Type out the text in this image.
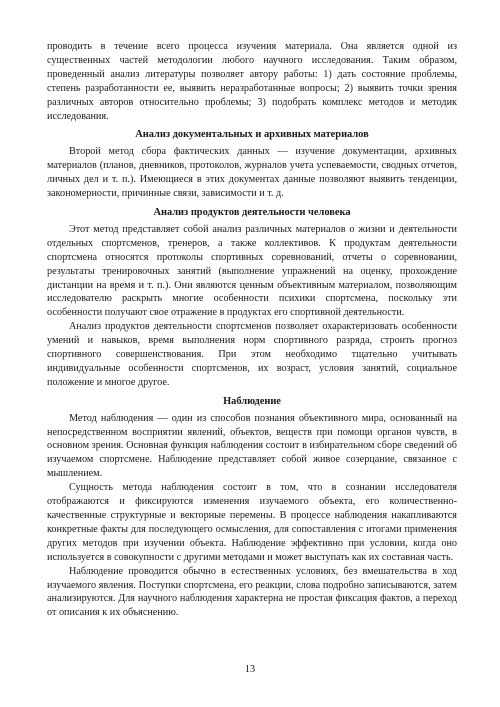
проводить в течение всего процесса изучения материала. Она является одной из существенных частей методологии любого научного исследования. Таким образом, проведенный анализ литературы позволяет автору работы: 1) дать состояние проблемы, степень разработанности ее, выявить неразработанные вопросы; 2) выявить точки зрения различных авторов относительно проблемы; 3) подобрать комплекс методов и методик исследования.

Анализ документальных и архивных материалов

Второй метод сбора фактических данных — изучение документации, архивных материалов (планов, дневников, протоколов, журналов учета успеваемости, сводных отчетов, личных дел и т. п.). Имеющиеся в этих документах данные позволяют выявить тенденции, закономерности, причинные связи, зависимости и т. д.

Анализ продуктов деятельности человека

Этот метод представляет собой анализ различных материалов о жизни и деятельности отдельных спортсменов, тренеров, а также коллективов. К продуктам деятельности спортсмена относятся протоколы спортивных соревнований, отчеты о соревновании, результаты тренировочных занятий (выполнение упражнений на оценку, прохождение дистанции на время и т. п.). Они являются ценным объективным материалом, позволяющим исследователю раскрыть многие особенности психики спортсмена, поскольку эти особенности получают свое отражение в продуктах его спортивной деятельности.

Анализ продуктов деятельности спортсменов позволяет охарактеризовать особенности умений и навыков, время выполнения норм спортивного разряда, строить прогноз спортивного совершенствования. При этом необходимо тщательно учитывать индивидуальные особенности спортсменов, их возраст, условия занятий, социальное положение и многое другое.

Наблюдение

Метод наблюдения — один из способов познания объективного мира, основанный на непосредственном восприятии явлений, объектов, веществ при помощи органов чувств, в основном зрения. Основная функция наблюдения состоит в избирательном сборе сведений об изучаемом спортсмене. Наблюдение представляет собой живое созерцание, связанное с мышлением.

Сущность метода наблюдения состоит в том, что в сознании исследователя отображаются и фиксируются изменения изучаемого объекта, его количественно-качественные структурные и векторные перемены. В процессе наблюдения накапливаются конкретные факты для последующего осмысления, для сопоставления с итогами применения других методов при изучении объекта. Наблюдение эффективно при условии, когда оно используется в совокупности с другими методами и может выступать как их составная часть.

Наблюдение проводится обычно в естественных условиях, без вмешательства в ход изучаемого явления. Поступки спортсмена, его реакции, слова подробно записываются, затем анализируются. Для научного наблюдения характерна не простая фиксация фактов, а переход от описания к их объяснению.

13
